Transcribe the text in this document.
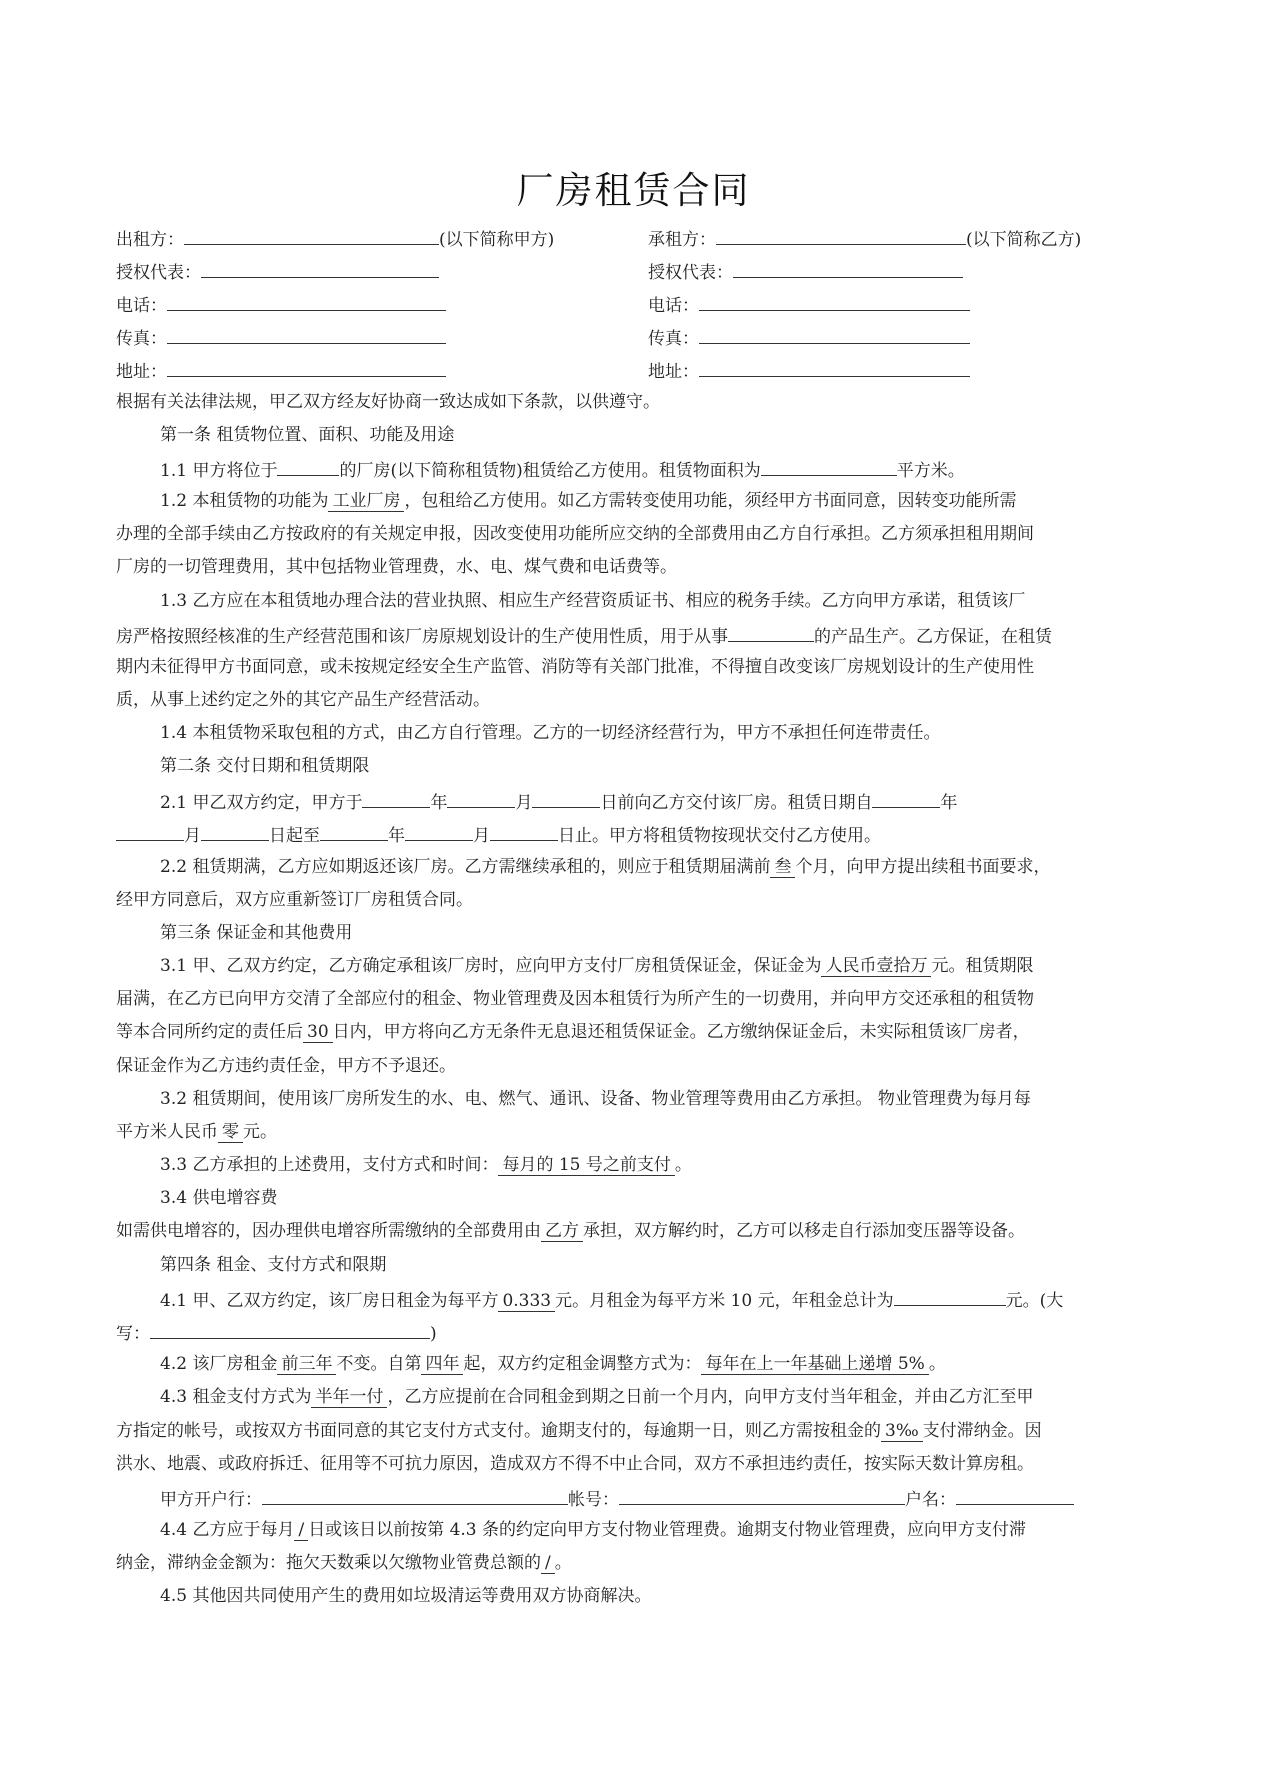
厂房租赁合同
出租方：	(以下简称甲方)	承租方：	(以下简称乙方)
授权代表：	授权代表：
电话：	电话：
传真：	传真：
地址：	地址：
根据有关法律法规，甲乙双方经友好协商一致达成如下条款，以供遵守。
第一条 租赁物位置、面积、功能及用途
1.1 甲方将位于	的厂房(以下简称租赁物)租赁给乙方使用。租赁物面积为	平方米。
1.2 本租赁物的功能为 工业厂房 ，包租给乙方使用。如乙方需转变使用功能，须经甲方书面同意，因转变功能所需
办理的全部手续由乙方按政府的有关规定申报，因改变使用功能所应交纳的全部费用由乙方自行承担。乙方须承担租用期间
厂房的一切管理费用，其中包括物业管理费，水、电、煤气费和电话费等。
1.3 乙方应在本租赁地办理合法的营业执照、相应生产经营资质证书、相应的税务手续。乙方向甲方承诺，租赁该厂
房严格按照经核准的生产经营范围和该厂房原规划设计的生产使用性质，用于从事	的产品生产。乙方保证，在租赁
期内未征得甲方书面同意，或未按规定经安全生产监管、消防等有关部门批准，不得擅自改变该厂房规划设计的生产使用性
质，从事上述约定之外的其它产品生产经营活动。
1.4 本租赁物采取包租的方式，由乙方自行管理。乙方的一切经济经营行为，甲方不承担任何连带责任。
第二条 交付日期和租赁期限
2.1 甲乙双方约定，甲方于	年	月	日前向乙方交付该厂房。租赁日期自	年
月	日起至	年	月	日止。甲方将租赁物按现状交付乙方使用。
2.2 租赁期满，乙方应如期返还该厂房。乙方需继续承租的，则应于租赁期届满前 叁 个月，向甲方提出续租书面要求，
经甲方同意后，双方应重新签订厂房租赁合同。
第三条 保证金和其他费用
3.1 甲、乙双方约定，乙方确定承租该厂房时，应向甲方支付厂房租赁保证金，保证金为 人民币壹拾万 元。租赁期限
届满，在乙方已向甲方交清了全部应付的租金、物业管理费及因本租赁行为所产生的一切费用，并向甲方交还承租的租赁物
等本合同所约定的责任后 30 日内，甲方将向乙方无条件无息退还租赁保证金。乙方缴纳保证金后，未实际租赁该厂房者，
保证金作为乙方违约责任金，甲方不予退还。
3.2 租赁期间，使用该厂房所发生的水、电、燃气、通讯、设备、物业管理等费用由乙方承担。 物业管理费为每月每
平方米人民币 零 元。
3.3 乙方承担的上述费用，支付方式和时间： 每月的 15 号之前支付 。
3.4 供电增容费
如需供电增容的，因办理供电增容所需缴纳的全部费用由 乙方 承担，双方解约时，乙方可以移走自行添加变压器等设备。
第四条 租金、支付方式和限期
4.1 甲、乙双方约定，该厂房日租金为每平方 0.333 元。月租金为每平方米 10 元，年租金总计为	元。(大
写：	)
4.2 该厂房租金 前三年 不变。自第 四年 起，双方约定租金调整方式为： 每年在上一年基础上递增 5% 。
4.3 租金支付方式为 半年一付 ，乙方应提前在合同租金到期之日前一个月内，向甲方支付当年租金，并由乙方汇至甲
方指定的帐号，或按双方书面同意的其它支付方式支付。逾期支付的，每逾期一日，则乙方需按租金的 3‰ 支付滞纳金。因
洪水、地震、或政府拆迁、征用等不可抗力原因，造成双方不得不中止合同，双方不承担违约责任，按实际天数计算房租。
甲方开户行：	帐号：	户名：
4.4 乙方应于每月 / 日或该日以前按第 4.3 条的约定向甲方支付物业管理费。逾期支付物业管理费，应向甲方支付滞
纳金，滞纳金金额为：拖欠天数乘以欠缴物业管费总额的 / 。
4.5 其他因共同使用产生的费用如垃圾清运等费用双方协商解决。
